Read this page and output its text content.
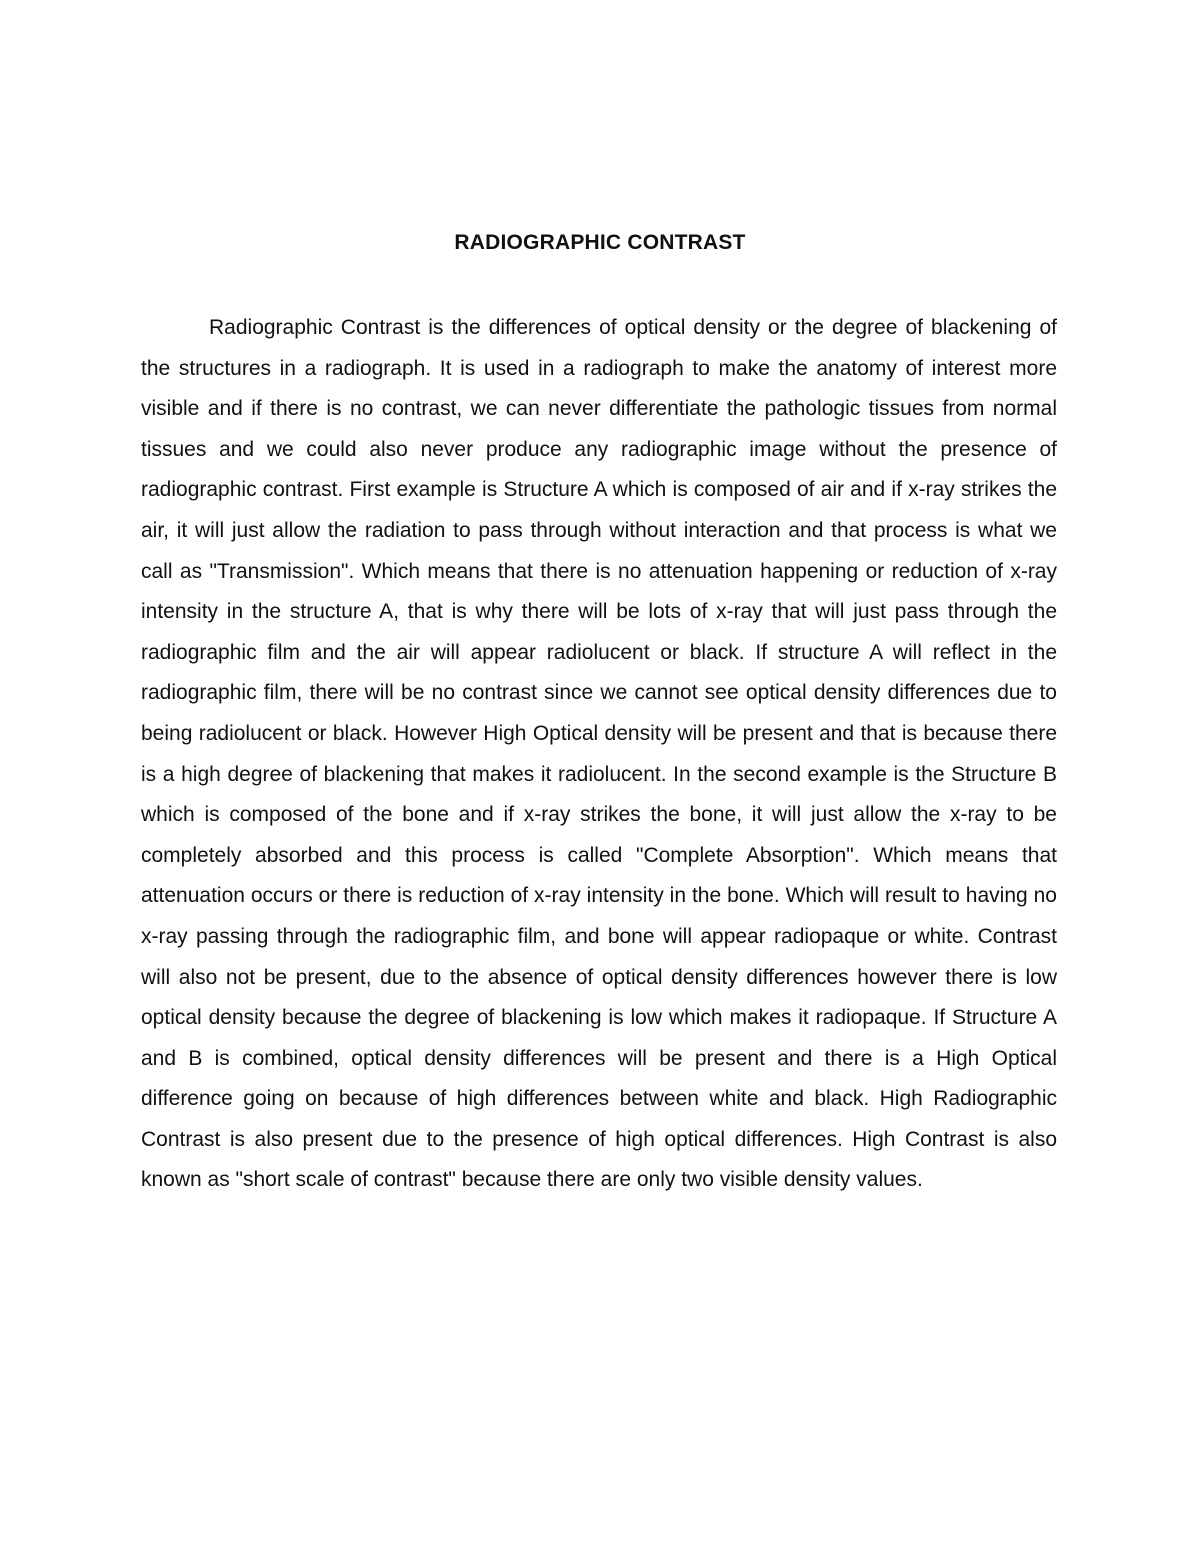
RADIOGRAPHIC CONTRAST

Radiographic Contrast is the differences of optical density or the degree of blackening of the structures in a radiograph. It is used in a radiograph to make the anatomy of interest more visible and if there is no contrast, we can never differentiate the pathologic tissues from normal tissues and we could also never produce any radiographic image without the presence of radiographic contrast. First example is Structure A which is composed of air and if x-ray strikes the air, it will just allow the radiation to pass through without interaction and that process is what we call as "Transmission". Which means that there is no attenuation happening or reduction of x-ray intensity in the structure A, that is why there will be lots of x-ray that will just pass through the radiographic film and the air will appear radiolucent or black. If structure A will reflect in the radiographic film, there will be no contrast since we cannot see optical density differences due to being radiolucent or black. However High Optical density will be present and that is because there is a high degree of blackening that makes it radiolucent. In the second example is the Structure B which is composed of the bone and if x-ray strikes the bone, it will just allow the x-ray to be completely absorbed and this process is called "Complete Absorption". Which means that attenuation occurs or there is reduction of x-ray intensity in the bone. Which will result to having no x-ray passing through the radiographic film, and bone will appear radiopaque or white. Contrast will also not be present, due to the absence of optical density differences however there is low optical density because the degree of blackening is low which makes it radiopaque. If Structure A and B is combined, optical density differences will be present and there is a High Optical difference going on because of high differences between white and black. High Radiographic Contrast is also present due to the presence of high optical differences. High Contrast is also known as "short scale of contrast" because there are only two visible density values.
